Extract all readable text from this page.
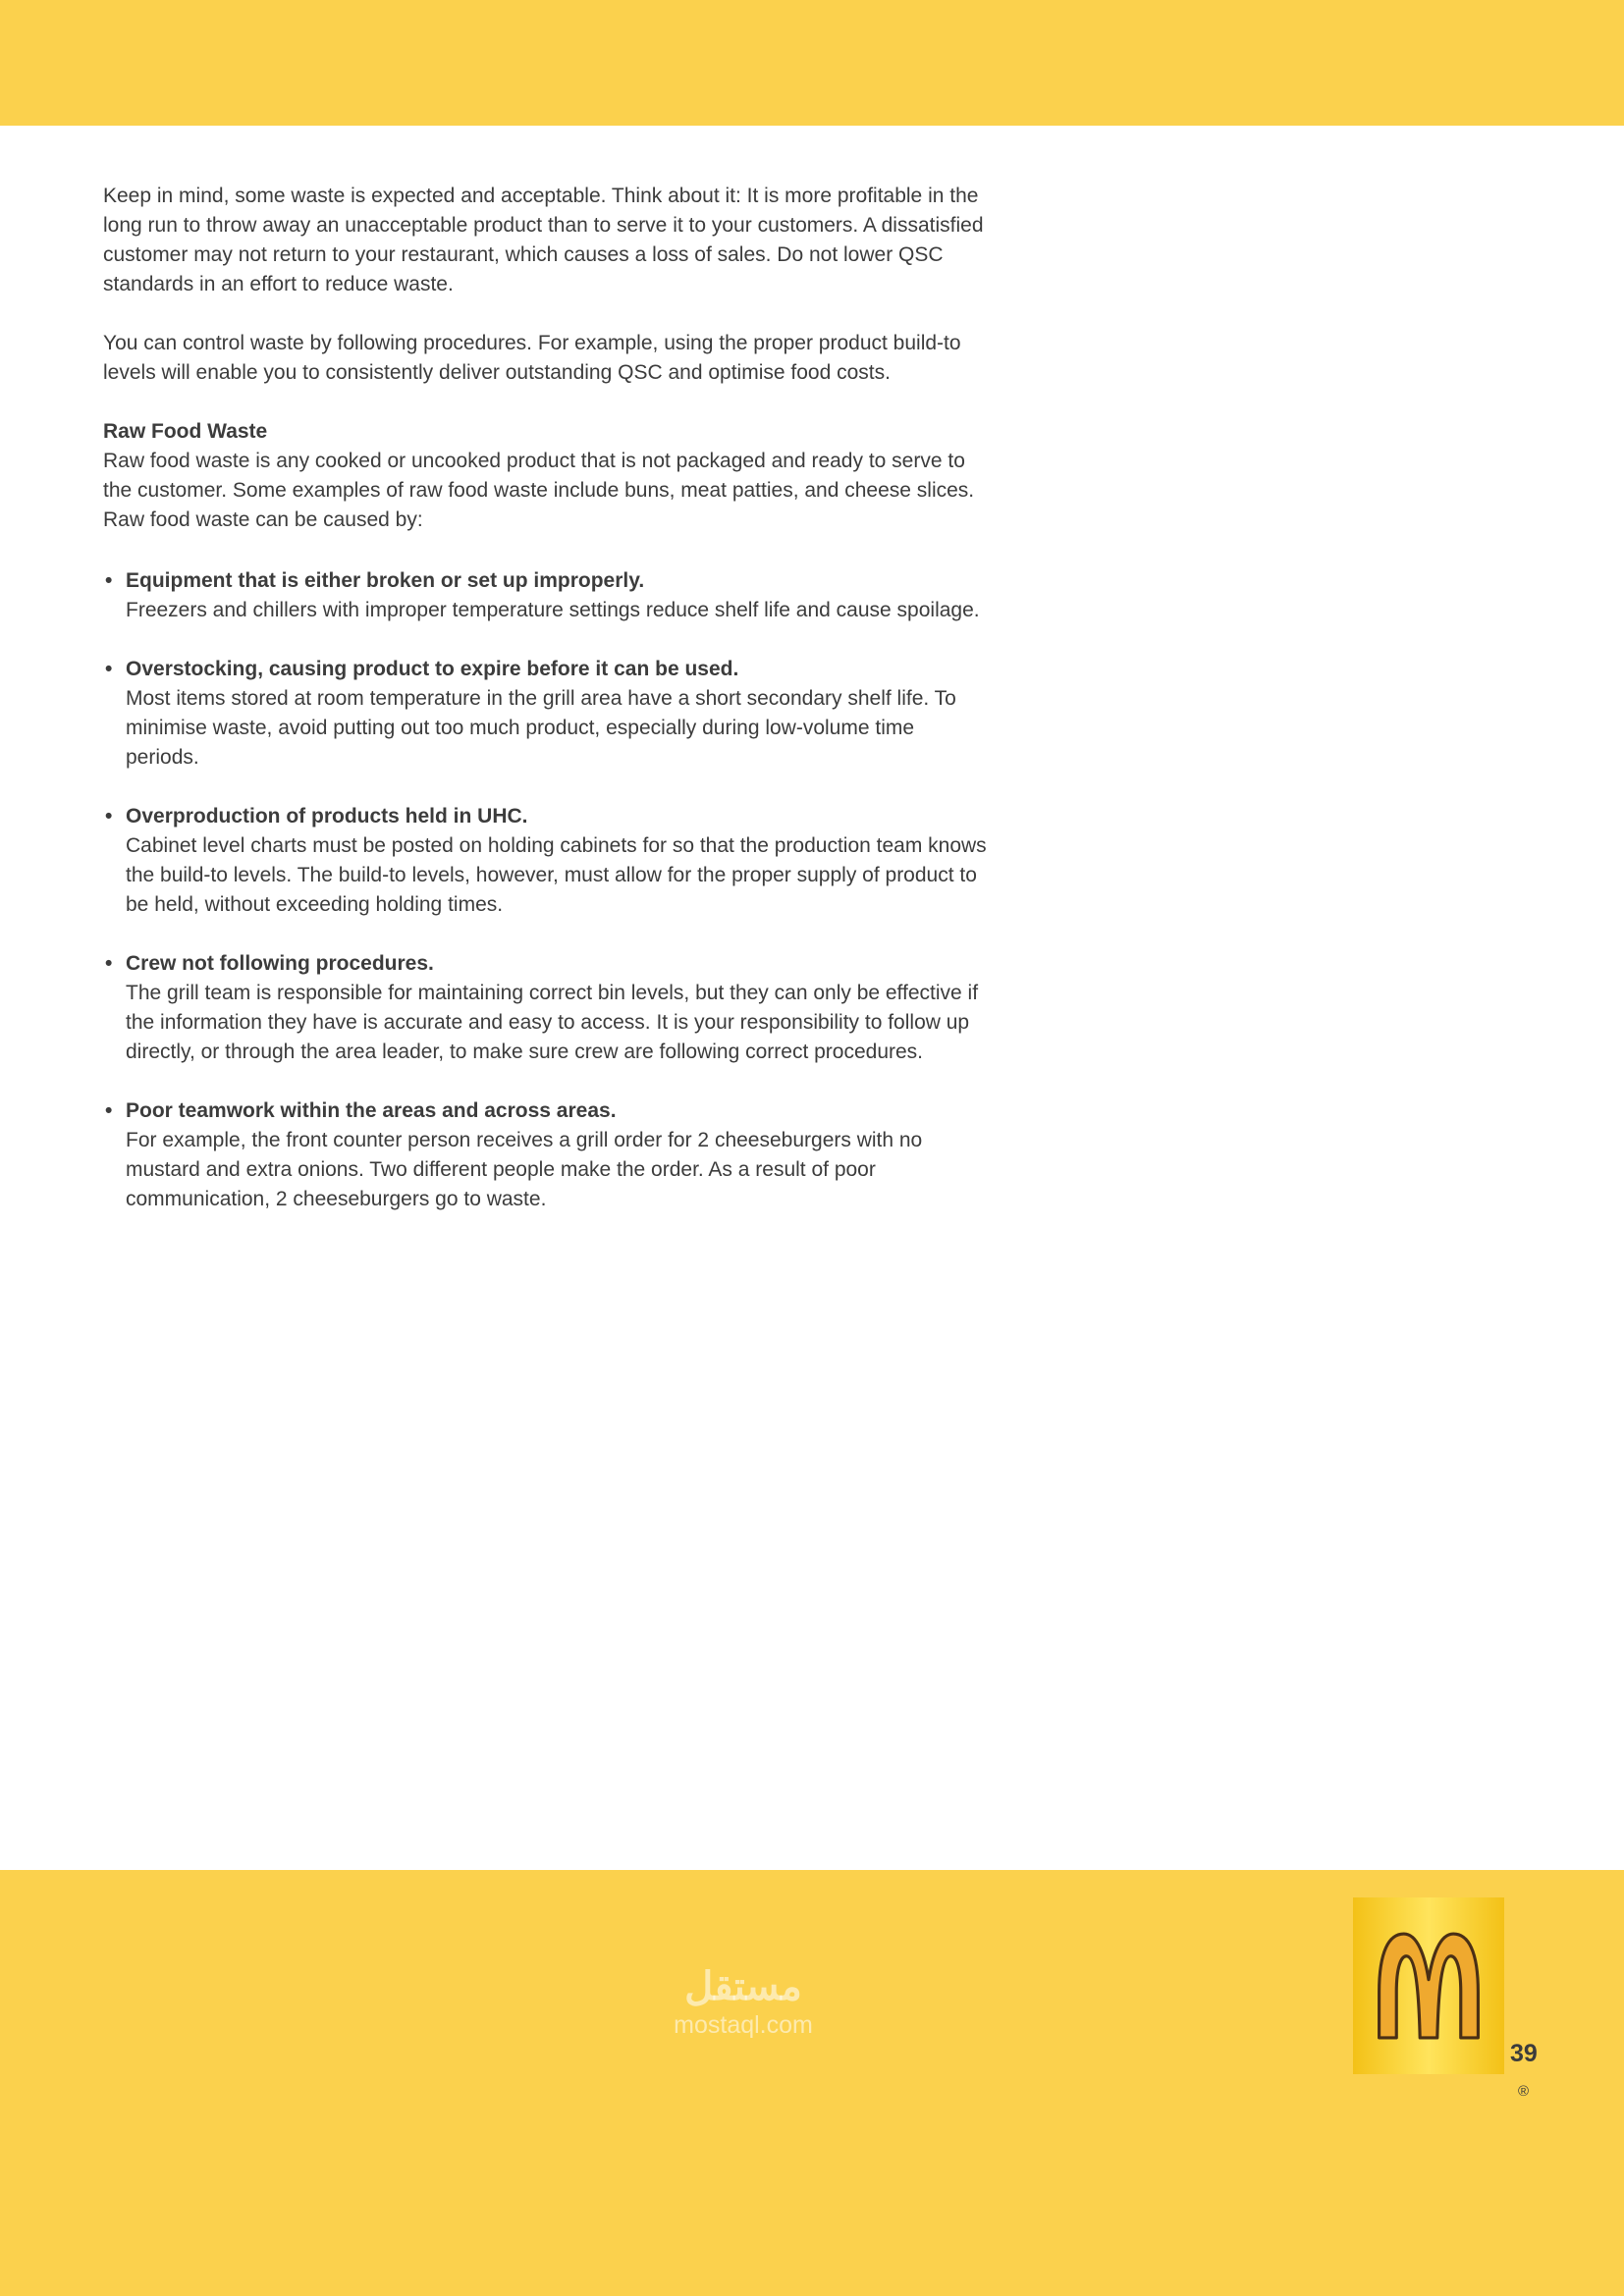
Keep in mind, some waste is expected and acceptable. Think about it: It is more profitable in the long run to throw away an unacceptable product than to serve it to your customers. A dissatisfied customer may not return to your restaurant, which causes a loss of sales. Do not lower QSC standards in an effort to reduce waste.

You can control waste by following procedures. For example, using the proper product build-to levels will enable you to consistently deliver outstanding QSC and optimise food costs.

Raw Food Waste
Raw food waste is any cooked or uncooked product that is not packaged and ready to serve to the customer. Some examples of raw food waste include buns, meat patties, and cheese slices. Raw food waste can be caused by:
• Equipment that is either broken or set up improperly.
Freezers and chillers with improper temperature settings reduce shelf life and cause spoilage.
• Overstocking, causing product to expire before it can be used.
Most items stored at room temperature in the grill area have a short secondary shelf life. To minimise waste, avoid putting out too much product, especially during low-volume time periods.
• Overproduction of products held in UHC.
Cabinet level charts must be posted on holding cabinets for so that the production team knows the build-to levels. The build-to levels, however, must allow for the proper supply of product to be held, without exceeding holding times.
• Crew not following procedures.
The grill team is responsible for maintaining correct bin levels, but they can only be effective if the information they have is accurate and easy to access. It is your responsibility to follow up directly, or through the area leader, to make sure crew are following correct procedures.
• Poor teamwork within the areas and across areas.
For example, the front counter person receives a grill order for 2 cheeseburgers with no mustard and extra onions. Two different people make the order. As a result of poor communication, 2 cheeseburgers go to waste.
مستقل
mostaql.com
39
®
